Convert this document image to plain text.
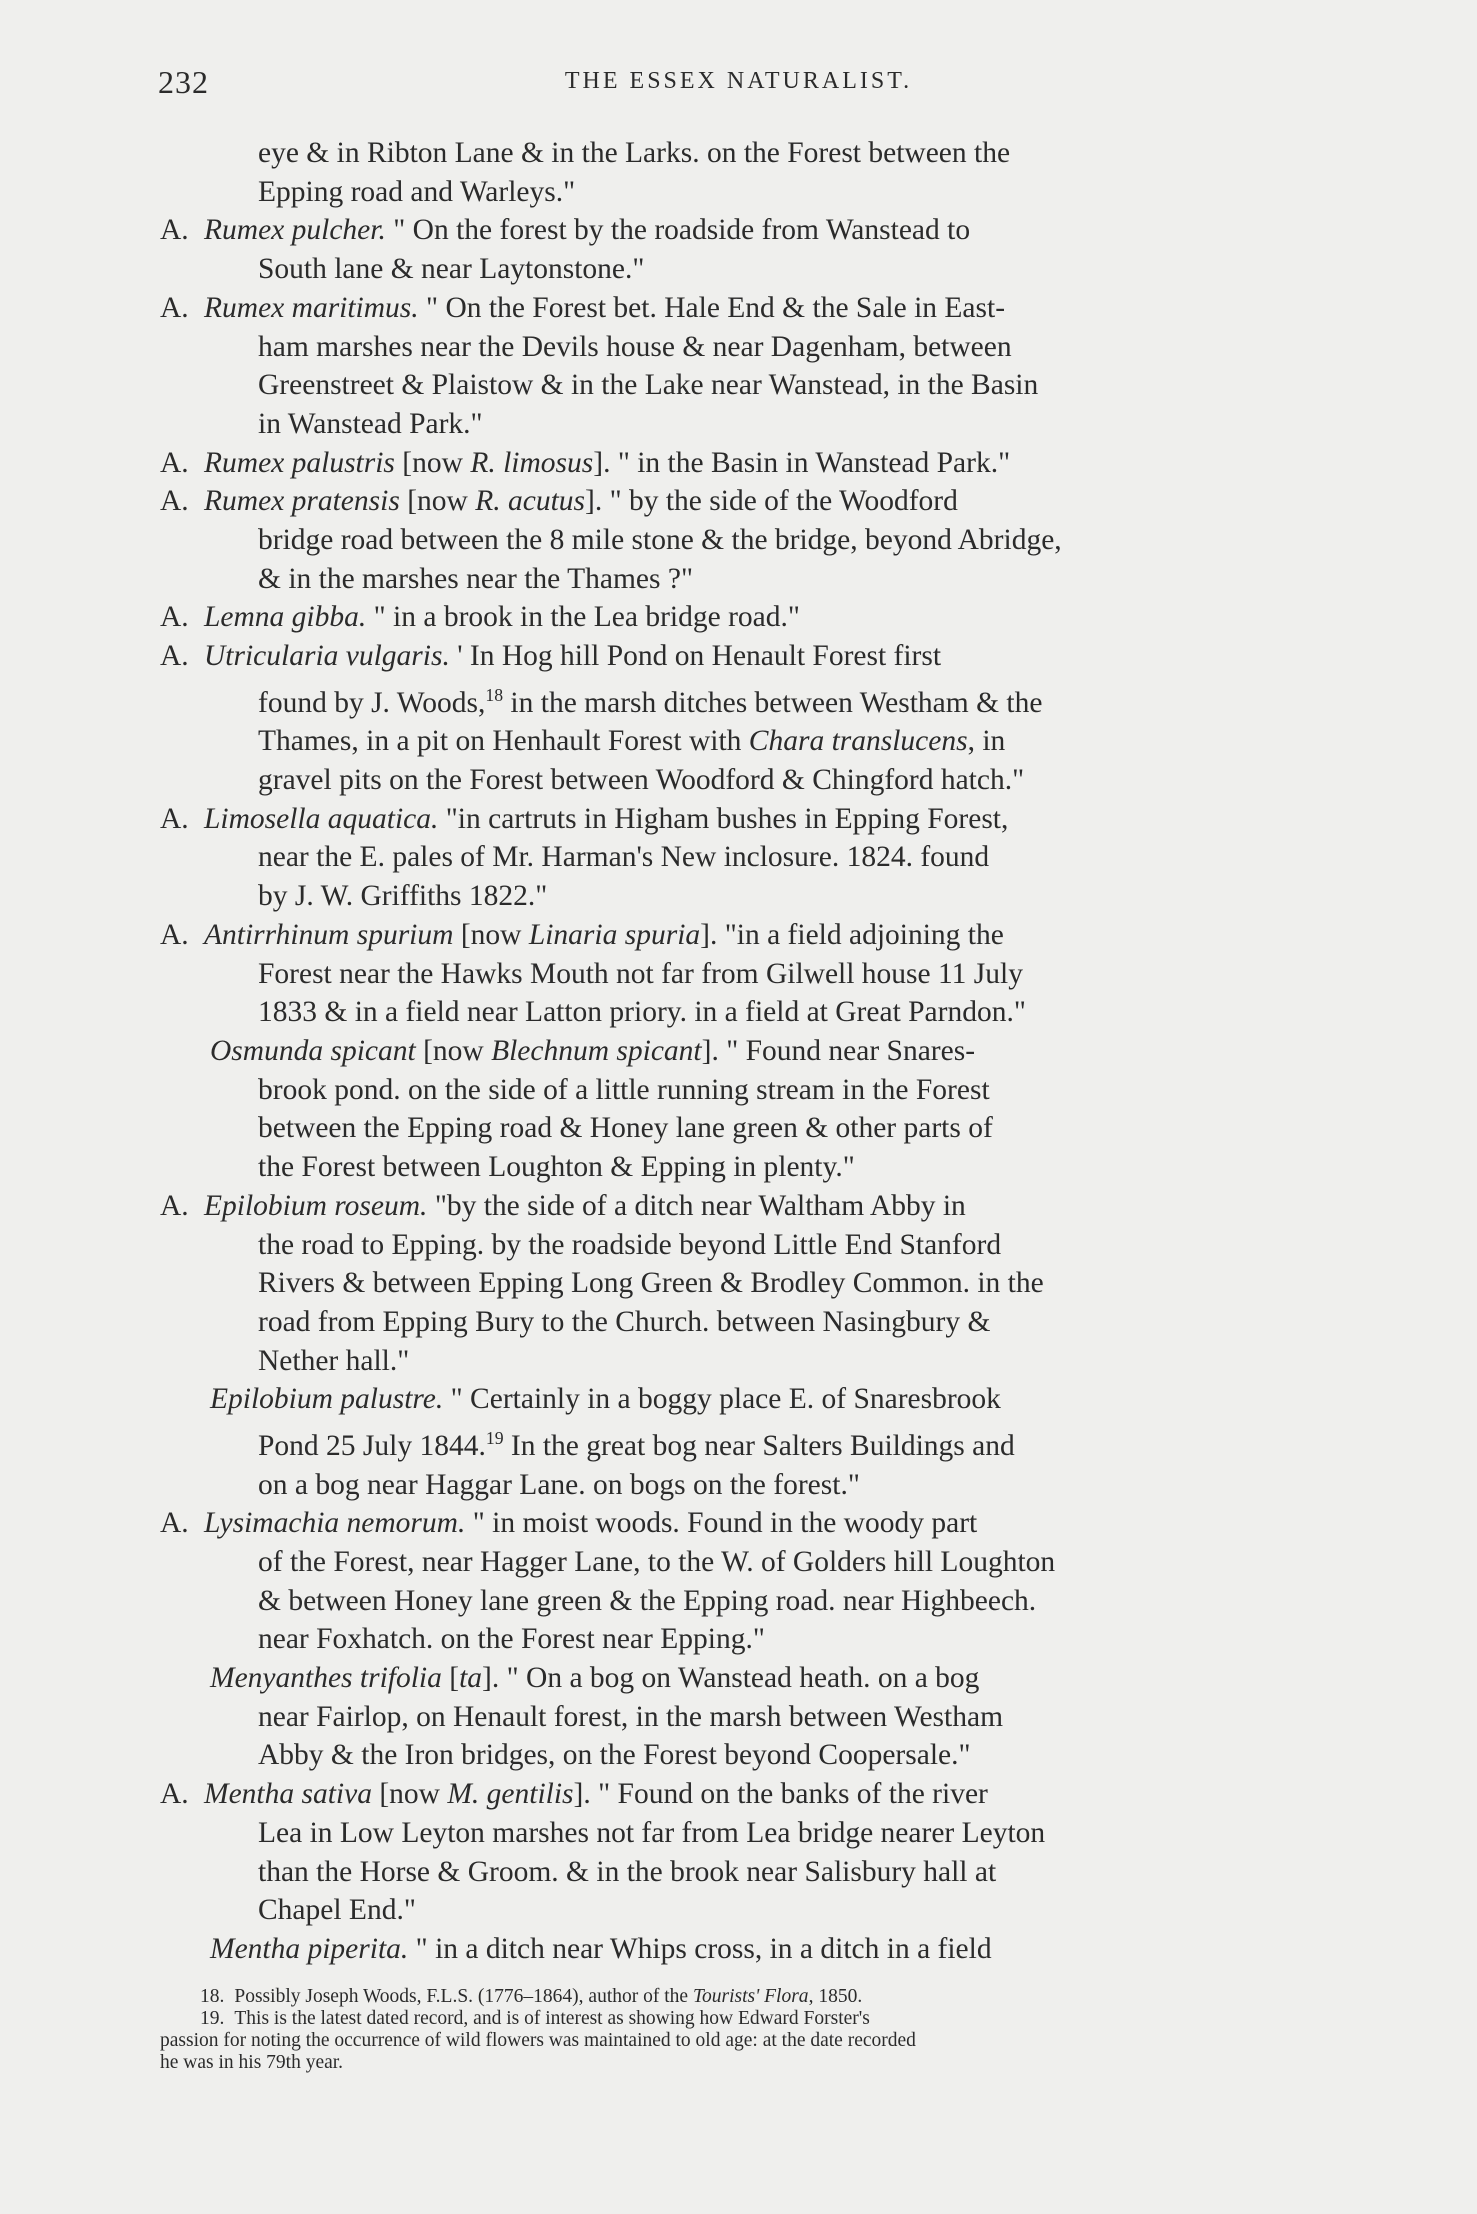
232	THE ESSEX NATURALIST.
eye & in Ribton Lane & in the Larks. on the Forest between the
Epping road and Warleys."
A. Rumex pulcher. " On the forest by the roadside from Wanstead to
South lane & near Laytonstone."
A. Rumex maritimus. " On the Forest bet. Hale End & the Sale in East-
ham marshes near the Devils house & near Dagenham, between
Greenstreet & Plaistow & in the Lake near Wanstead, in the Basin
in Wanstead Park."
A. Rumex palustris [now R. limosus]. " in the Basin in Wanstead Park."
A. Rumex pratensis [now R. acutus]. " by the side of the Woodford
bridge road between the 8 mile stone & the bridge, beyond Abridge,
& in the marshes near the Thames ?"
A. Lemna gibba. " in a brook in the Lea bridge road."
A. Utricularia vulgaris. ' In Hog hill Pond on Henault Forest first
found by J. Woods,$^{18}$ in the marsh ditches between Westham & the
Thames, in a pit on Henhault Forest with Chara translucens, in
gravel pits on the Forest between Woodford & Chingford hatch."
A. Limosella aquatica. "in cartruts in Higham bushes in Epping Forest,
near the E. pales of Mr. Harman's New inclosure. 1824. found
by J. W. Griffiths 1822."
A. Antirrhinum spurium [now Linaria spuria]. "in a field adjoining the
Forest near the Hawks Mouth not far from Gilwell house 11 July
1833 & in a field near Latton priory. in a field at Great Parndon."
Osmunda spicant [now Blechnum spicant]. " Found near Snares-
brook pond. on the side of a little running stream in the Forest
between the Epping road & Honey lane green & other parts of
the Forest between Loughton & Epping in plenty."
A. Epilobium roseum. "by the side of a ditch near Waltham Abby in
the road to Epping. by the roadside beyond Little End Stanford
Rivers & between Epping Long Green & Brodley Common. in the
road from Epping Bury to the Church. between Nasingbury &
Nether hall."
Epilobium palustre. " Certainly in a boggy place E. of Snaresbrook
Pond 25 July 1844.19 In the great bog near Salters Buildings and
on a bog near Haggar Lane. on bogs on the forest."
A. Lysimachia nemorum. " in moist woods. Found in the woody part
of the Forest, near Hagger Lane, to the W. of Golders hill Loughton
& between Honey lane green & the Epping road. near Highbeech.
near Foxhatch. on the Forest near Epping."
Menyanthes trifolia [ta]. " On a bog on Wanstead heath. on a bog
near Fairlop, on Henault forest, in the marsh between Westham
Abby & the Iron bridges, on the Forest beyond Coopersale."
A. Mentha sativa [now M. gentilis]. " Found on the banks of the river
Lea in Low Leyton marshes not far from Lea bridge nearer Leyton
than the Horse & Groom. & in the brook near Salisbury hall at
Chapel End."
Mentha piperita. " in a ditch near Whips cross, in a ditch in a field
18. Possibly Joseph Woods, F.L.S. (1776–1864), author of the Tourists' Flora, 1850.
19. This is the latest dated record, and is of interest as showing how Edward Forster's
passion for noting the occurrence of wild flowers was maintained to old age: at the date recorded
he was in his 79th year.
